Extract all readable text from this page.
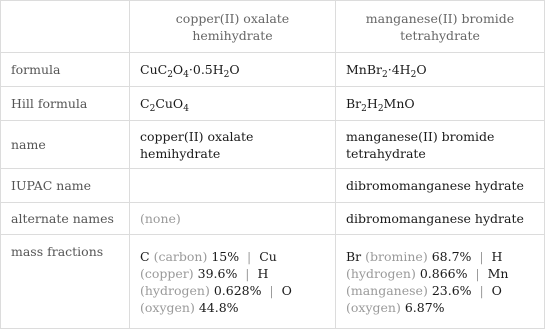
	copper(II) oxalate hemihydrate	manganese(II) bromide tetrahydrate
formula	$CuC_2O_4\cdot 0.5H_2O$	$MnBr_2\cdot 4H_2O$
Hill formula	$C_2CuO_4$	$Br_2H_2MnO$
name	copper(II) oxalate hemihydrate	manganese(II) bromide tetrahydrate
IUPAC name		dibromomanganese hydrate
alternate names	(none)	dibromomanganese hydrate
mass fractions	C (carbon) 15%  |  Cu (copper) 39.6%  |  H (hydrogen) 0.628%  |  O (oxygen) 44.8%	Br (bromine) 68.7%  |  H (hydrogen) 0.866%  |  Mn (manganese) 23.6%  |  O (oxygen) 6.87%
